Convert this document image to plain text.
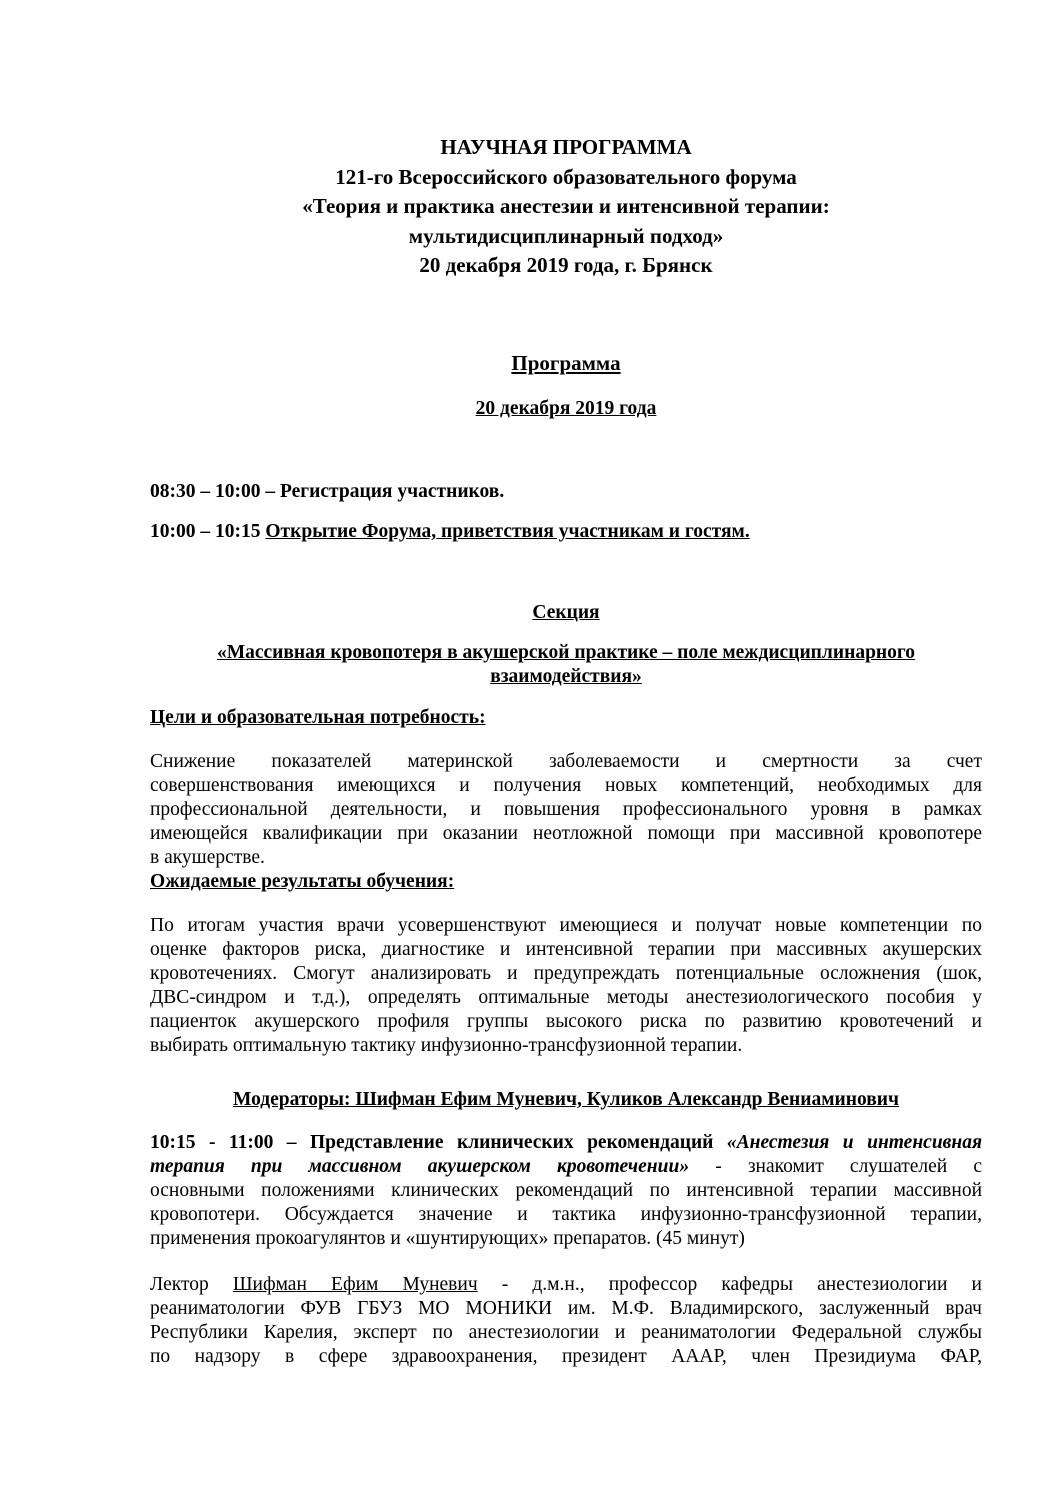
НАУЧНАЯ ПРОГРАММА
121-го Всероссийского образовательного форума
«Теория и практика анестезии и интенсивной терапии:
мультидисциплинарный подход»
20 декабря 2019 года, г. Брянск
Программа
20 декабря 2019 года
08:30 – 10:00 – Регистрация участников.
10:00 – 10:15 Открытие Форума, приветствия участникам и гостям.
Секция
«Массивная кровопотеря в акушерской практике – поле междисциплинарного
взаимодействия»
Цели и образовательная потребность:
Снижение показателей материнской заболеваемости и смертности за счет
совершенствования имеющихся и получения новых компетенций, необходимых для
профессиональной деятельности, и повышения профессионального уровня в рамках
имеющейся квалификации при оказании неотложной помощи при массивной кровопотере
в акушерстве.
Ожидаемые результаты обучения:
По итогам участия врачи усовершенствуют имеющиеся и получат новые компетенции по
оценке факторов риска, диагностике и интенсивной терапии при массивных акушерских
кровотечениях. Смогут анализировать и предупреждать потенциальные осложнения (шок,
ДВС-синдром и т.д.), определять оптимальные методы анестезиологического пособия у
пациенток акушерского профиля группы высокого риска по развитию кровотечений и
выбирать оптимальную тактику инфузионно-трансфузионной терапии.
Модераторы: Шифман Ефим Муневич, Куликов Александр Вениаминович
10:15 - 11:00 – Представление клинических рекомендаций «Анестезия и интенсивная
терапия при массивном акушерском кровотечении» - знакомит слушателей с
основными положениями клинических рекомендаций по интенсивной терапии массивной
кровопотери. Обсуждается значение и тактика инфузионно-трансфузионной терапии,
применения прокоагулянтов и «шунтирующих» препаратов. (45 минут)
Лектор Шифман Ефим Муневич - д.м.н., профессор кафедры анестезиологии и
реаниматологии ФУВ ГБУЗ МО МОНИКИ им. М.Ф. Владимирского, заслуженный врач
Республики Карелия, эксперт по анестезиологии и реаниматологии Федеральной службы
по надзору в сфере здравоохранения, президент АААР, член Президиума ФАР,
